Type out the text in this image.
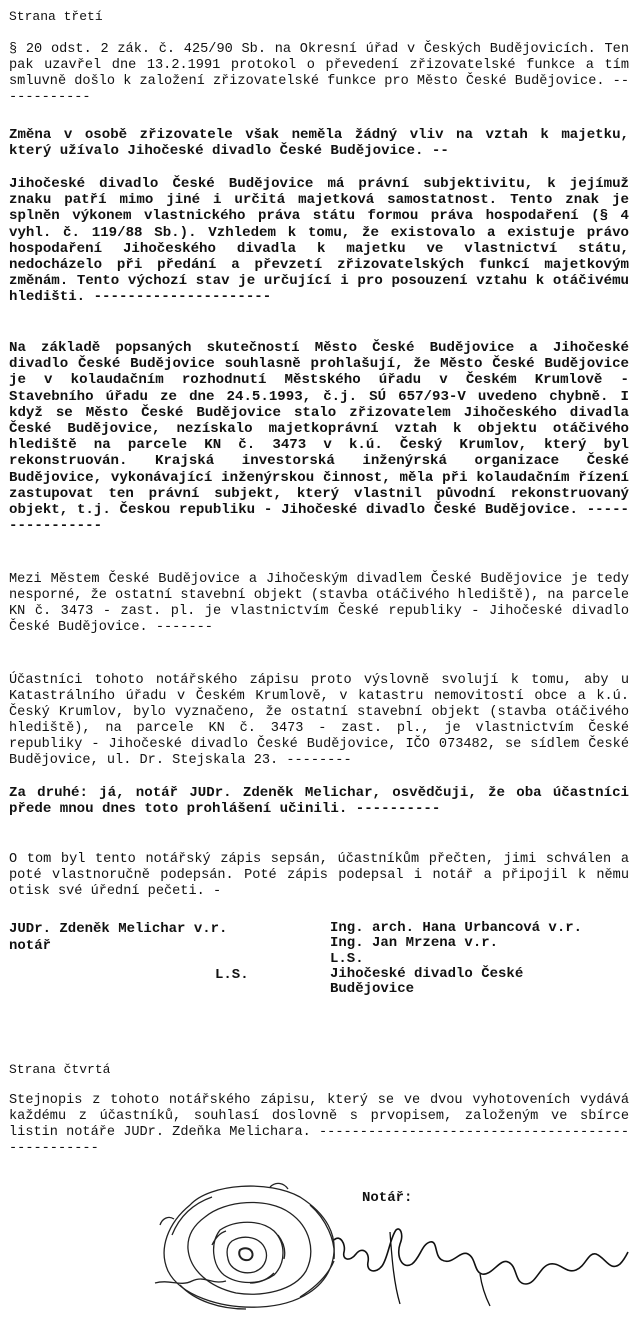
Strana třetí
§ 20 odst. 2 zák. č. 425/90 Sb. na Okresní úřad v Českých Budějovicích. Ten pak uzavřel dne 13.2.1991 protokol o převedení zřizovatelské funkce a tím smluvně došlo k založení zřizovatelské funkce pro Město České Budějovice. ------------
Změna v osobě zřizovatele však neměla žádný vliv na vztah k majetku, který užívalo Jihočeské divadlo České Budějovice. --
Jihočeské divadlo České Budějovice má právní subjektivitu, k jejímuž znaku patří mimo jiné i určitá majetková samostatnost. Tento znak je splněn výkonem vlastnického práva státu formou práva hospodaření (§ 4 vyhl. č. 119/88 Sb.). Vzhledem k tomu, že existovalo a existuje právo hospodaření Jihočeského divadla k majetku ve vlastnictví státu, nedocházelo při předání a převzetí zřizovatelských funkcí majetkovým změnám. Tento výchozí stav je určující i pro posouzení vztahu k otáčivému hledišti. ---------------------
Na základě popsaných skutečností Město České Budějovice a Jihočeské divadlo České Budějovice souhlasně prohlašují, že Město České Budějovice je v kolaudačním rozhodnutí Městského úřadu v Českém Krumlově - Stavebního úřadu ze dne 24.5.1993, č.j. SÚ 657/93-V uvedeno chybně. I když se Město České Budějovice stalo zřizovatelem Jihočeského divadla České Budějovice, nezískalo majetkoprávní vztah k objektu otáčivého hlediště na parcele KN č. 3473 v k.ú. Český Krumlov, který byl rekonstruován. Krajská investorská inženýrská organizace České Budějovice, vykonávající inženýrskou činnost, měla při kolaudačním řízení zastupovat ten právní subjekt, který vlastnil původní rekonstruovaný objekt, t.j. Českou republiku - Jihočeské divadlo České Budějovice. ----------------
Mezi Městem České Budějovice a Jihočeským divadlem České Budějovice je tedy nesporné, že ostatní stavební objekt (stavba otáčivého hlediště), na parcele KN č. 3473 - zast. pl. je vlastnictvím České republiky - Jihočeské divadlo České Budějovice. -------
Účastníci tohoto notářského zápisu proto výslovně svolují k tomu, aby u Katastrálního úřadu v Českém Krumlově, v katastru nemovitostí obce a k.ú. Český Krumlov, bylo vyznačeno, že ostatní stavební objekt (stavba otáčivého hlediště), na parcele KN č. 3473 - zast. pl., je vlastnictvím České republiky - Jihočeské divadlo České Budějovice, IČO 073482, se sídlem České Budějovice, ul. Dr. Stejskala 23. --------
Za druhé: já, notář JUDr. Zdeněk Melichar, osvědčuji, že oba účastníci přede mnou dnes toto prohlášení učinili. ----------
O tom byl tento notářský zápis sepsán, účastníkům přečten, jimi schválen a poté vlastnoručně podepsán. Poté zápis podepsal i notář a připojil k němu otisk své úřední pečeti. -
JUDr. Zdeněk Melichar v.r.
notář
L.S.
Ing. arch. Hana Urbancová v.r.
Ing. Jan Mrzena v.r.
L.S.
Jihočeské divadlo České
Budějovice
Strana čtvrtá
Stejnopis z tohoto notářského zápisu, který se ve dvou vyhotoveních vydává každému z účastníků, souhlasí doslovně s prvopisem, založeným ve sbírce listin notáře JUDr. Zdeňka Melichara. -------------------------------------------------
Notář:
